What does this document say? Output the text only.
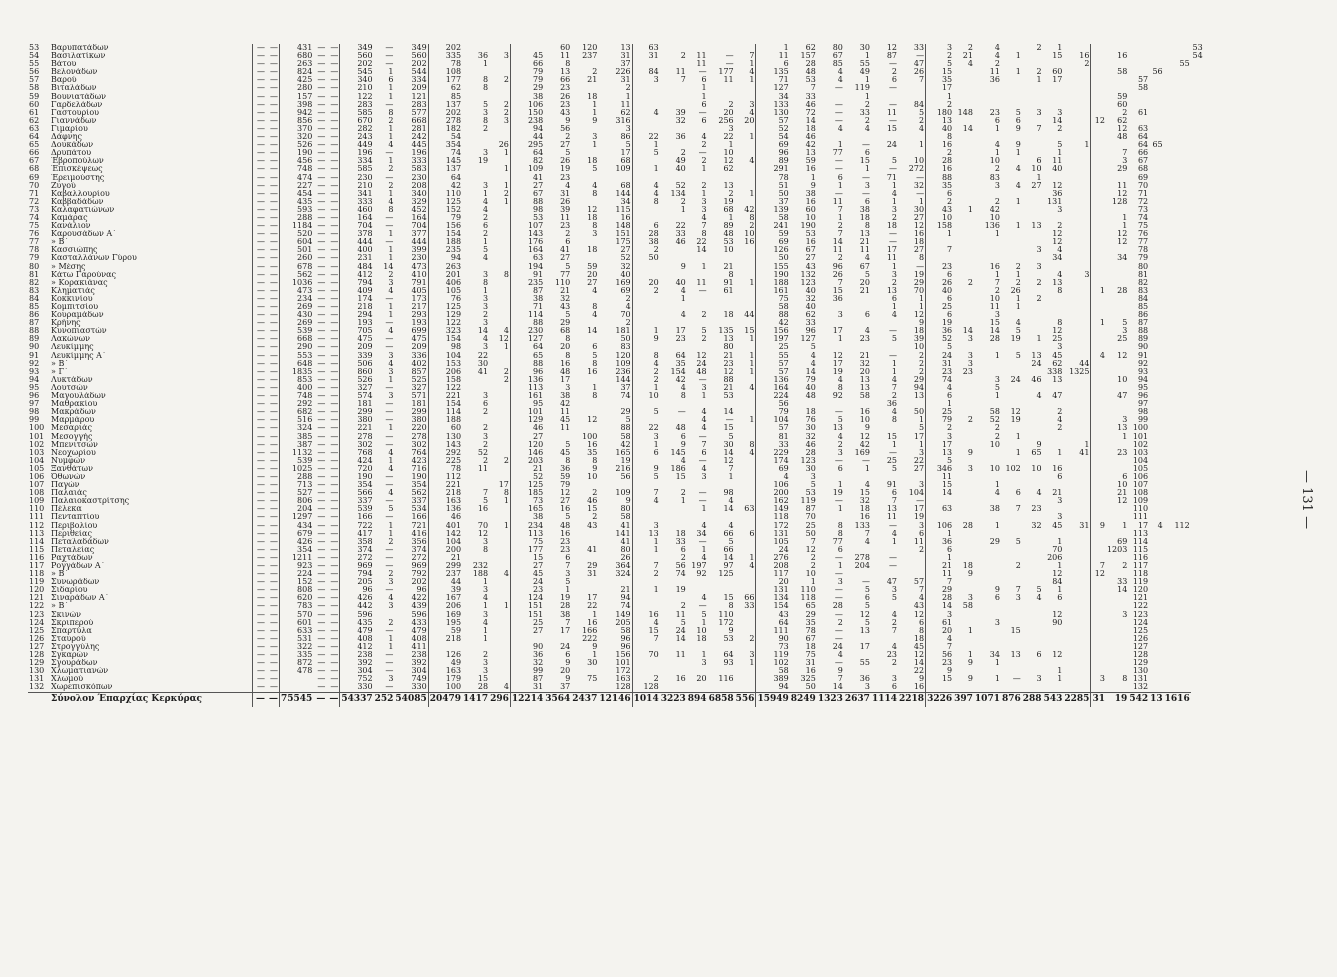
53	Βαρυπατάδων	—	—	431	—	—	349	—	349	202				60	120	13	63					1	62	80	30	12	33	3	2	4		2	1							53
54	Βασιλατίκων	—	—	680	—	—	560	—	560	335	36	3	45	11	237	31	31	2	11	—	7	11	157	67	1	87	—	2	21	4	1		15	16		16				54
55	Βάτου	—	—	263	—	—	202	—	202	78	1		66	8		37			11	—	1	6	28	85	55	—	47	5	4	2				2					55	
56	Βελονάδων	—	—	824	—	—	545	1	544	108			79	13	2	226	84	11	—	177	4	135	48	4	49	2	26	15		11	1	2	60			58		56		
57	Βαρού	—	—	425	—	—	340	6	334	177	8	2	79	66	21	31	3	7	6	11	1	71	53	4	1	6	7	35		36		1	17				57			
58	Βιταλάδων	—	—	280	—	—	210	1	209	62	8		29	23		2			1			127	7	—	119	—		17									58			
59	Βουνιατάδων	—	—	157	—	—	122	1	121	85			38	26	18	1			1			34	33		1			1								59				
60	Γαρδελάδων	—	—	398	—	—	283	—	283	137	5	2	106	23	1	11			6	2	3	133	46	—	2	—	84	2								60				
61	Γαστουρίου	—	—	942	—	—	585	8	577	202	3	2	150	43	1	62	4	39	—	20	4	130	72	—	33	11	5	180	148	23	5	3	3			2	61			
62	Γιαννάδων	—	—	856	—	—	670	2	668	278	8	3	238	9	9	316		32	6	256	20	57	14	—	2	—	2	13		6	6		14		12	62				
63	Γιμαρίου	—	—	370	—	—	282	1	281	182	2		94	56		3				3		52	18	4	4	15	4	40	14	1	9	7	2			12	63			
64	Δάφνης	—	—	320	—	—	243	1	242	54			44	2	3	86	22	36	4	22	1	54	46					8								48	64			
65	Δουκάδων	—	—	526	—	—	449	4	445	354		26	295	27	1	5	1		2	1		69	42	1	—	24	1	16		4	9		5	1			64	65		
66	Δρυπάτου	—	—	190	—	—	196	—	196	74	3	1	64	5		17	5	2	—	10		96	13	77	6			2		1	1		1			7	66			
67	Έβροπούλων	—	—	456	—	—	334	1	333	145	19		82	26	18	68		49	2	12	4	89	59	—	15	5	10	28		10		6	11			3	67			
68	Έπισκέψεως	—	—	748	—	—	585	2	583	137		1	109	19	5	109	1	40	1	62		291	16	—	1	—	272	16		2	4	10	40			29	68			
69	Έρειμούστης	—	—	474	—	—	230	—	230	64			41	23								78	1	6	—	71	—	88		83		1					69			
70	Ζυγού	—	—	227	—	—	210	2	208	42	3	1	27	4	4	68	4	52	2	13		51	9	1	3	1	32	35		3	4	27	12			11	70			
71	Καβαλλουρίου	—	—	454	—	—	341	1	340	110	1	2	67	31	8	144	4	134	1	2	1	50	38	—	—	4	—	6					36			12	71			
72	Καββαδάδων	—	—	435	—	—	333	4	329	125	4	1	88	26		34	8	2	3	19		37	16	11	6	1	1	2		2	1		131			128	72			
73	Καλαφατιώνων	—	—	593	—	—	460	8	452	152	4		98	39	12	115		1	3	68	42	139	60	7	38	3	30	43	1	42			3				73			
74	Καμάρας	—	—	288	—	—	164	—	164	79	2		53	11	18	16			4	1	8	58	10	1	18	2	27	10		10						1	74			
75	Κανάλιον	—	—	1184	—	—	704	—	704	156	6		107	23	8	148	6	22	7	89	2	241	190	2	8	18	12	158		136	1	13	2			1	75			
76	Καρουσάδων Α΄	—	—	520	—	—	378	1	377	154	2		143	2	3	151	28	33	8	48	10	59	53	7	13	—	16	1		1			12			12	76			
77	» Β΄	—	—	604	—	—	444	—	444	188	1		176	6		175	38	46	22	53	16	69	16	14	21	—	18						12			12	77			
78	Κασσιώπης	—	—	501	—	—	400	1	399	235	5		164	41	18	27	2		14	10		126	67	11	11	17	27	7				3	4				78			
79	Κασταλλάνων Γύρου	—	—	260	—	—	231	1	230	94	4		63	27		52	50					50	27	2	4	11	8						34			34	79			
80	» Μέσης	—	—	678	—	—	484	14	473	263			194	5	59	32		9	1	21		155	43	96	67	1	—	23		16	2	3					80			
81	Κάτω Γαρούνας	—	—	562	—	—	412	2	410	201	3	8	91	77	20	40				8		190	132	26	5	3	19	6		1	1		4	3			81			
82	» Κορακιάνας	—	—	1036	—	—	794	3	791	406	8		235	110	27	169	20	40	11	91	1	188	123	7	20	2	29	26	2	7	2	2	13				82			
83	Κληματιάς	—	—	473	—	—	409	4	405	105	1		87	21	4	69	2	4	—	61		161	40	15	21	13	70	40		2	26		8		1	28	83			
84	Κοκκινίου	—	—	234	—	—	174	—	173	76	3		38	32		2		1				75	32	36		6	1	6		10	1	2					84			
85	Κομπιτσίου	—	—	269	—	—	218	1	217	125	3		71	43	8	4						58	40			1	1	25		11	1						85			
86	Κουραμάδων	—	—	430	—	—	294	1	293	129	2		114	5	4	70		4	2	18	44	88	62	3	6	4	12	6		3							86			
87	Κρήνης	—	—	269	—	—	193	—	193	122	3		88	29		2						42	33				9	19		15	4		8		1	5	87			
88	Κυνοπιαστών	—	—	539	—	—	705	4	699	323	14	4	230	68	14	181	1	17	5	135	15	156	96	17	4	—	18	36	14	14	5		12			3	88			
89	Λακώνων	—	—	668	—	—	475	—	475	154	4	12	127	8		50	9	23	2	13	1	197	127	1	23	5	39	52	3	28	19	1	25			25	89			
90	Λευκίμμης	—	—	290	—	—	209	—	209	98	3	1	64	20	6	83				80		25	5				10	5					3				90			
91	Λευκίμμης Α΄	—	—	553	—	—	339	3	336	104	22		65	8	5	120	8	64	12	21	1	55	4	12	21	—	2	24	3	1	5	13	45		4	12	91			
92	» Β΄	—	—	648	—	—	506	4	402	153	30		88	16	8	109	4	35	24	23	1	57	4	17	32	1	2	31	3			24	62	44			92			
93	» Γ΄	—	—	1835	—	—	860	3	857	206	41	2	96	48	16	236	2	154	48	12	1	57	14	19	20	1	2	23	23				338	1325			93			
94	Λυκτάδων	—	—	853	—	—	526	1	525	158		2	136	17		144	2	42	—	88		136	79	4	13	4	29	74		3	24	46	13			10	94			
95	Λουτσών	—	—	400	—	—	327	—	327	122			113	3	1	37	1	4	3	21	4	164	40	8	13	7	94	4		5							95			
96	Μαγουλάδων	—	—	748	—	—	574	3	571	221	3		161	38	8	74	10	8	1	53		224	48	92	58	2	13	6		1		4	47			47	96			
97	Μαθρακίου	—	—	292	—	—	181	—	181	154	6		95	42								56				36		1									97			
98	Μακράδων	—	—	682	—	—	299	—	299	114	2		101	11		29	5	—	4	14		79	18	—	16	4	50	25		58	12		2				98			
99	Μαρμάρου	—	—	516	—	—	380	—	380	188			129	45	12	5			4	—	1	104	76	5	10	8	1	79	2	52	19		4			3	99			
100	Μεσαριάς	—	—	324	—	—	221	1	220	60	2		46	11		88	22	48	4	15		57	30	13	9		5	2		2			2			13	100			
101	Μεσογγής	—	—	385	—	—	278	—	278	130	3		27		100	58	3	6	—	5		81	32	4	12	15	17	3		2	1					1	101			
102	Μπενιτσών	—	—	387	—	—	302	—	302	143	2		120	5	16	42	1	9	7	30	8	33	46	2	42	1	1	17		10		9		1			102			
103	Νεοχωρίου	—	—	1132	—	—	768	4	764	292	52		146	45	35	165	6	145	6	14	4	229	28	3	169	—	3	13	9		1	65	1	41		23	103			
104	Νυμφών	—	—	539	—	—	424	1	423	225	2	2	203	8	8	19		4	—	12		174	123	—	—	25	22	5									104			
105	Ξανθάτων	—	—	1025	—	—	720	4	716	78	11		21	36	9	216	9	186	4	7		69	30	6	1	5	27	346	3	10	102	10	16				105			
106	Όθωνών	—	—	288	—	—	190	—	190	112			52	59	10	56	5	15	3	1		4	3					11					6			6	106			
107	Παγών	—	—	713	—	—	354	—	354	221		17	125	79								106	5	1	4	91	3	15		1						10	107			
108	Παλαιάς	—	—	527	—	—	566	4	562	218	7	8	185	12	2	109	7	2	—	98		200	53	19	15	6	104	14		4	6	4	21			21	108			
109	Παλαιοκαστρίτσης	—	—	806	—	—	337	—	337	163	5	1	73	27	46	9	4	1	—	4		162	119	—	32	7	—						3			12	109			
110	Πέλεκα	—	—	204	—	—	539	5	534	136	16		165	16	15	80			1	14	63	149	87	1	18	13	17	63		38	7	23					110			
111	Πενταπτίου	—	—	1297	—	—	166	—	166	46			38	5	2	58						118	70		16	11	19						3				111			
112	Περιβολίου	—	—	434	—	—	722	1	721	401	70	1	234	48	43	41	3		4	4		172	25	8	133	—	3	106	28	1		32	45	31	9	1	17	4	112	
113	Περιθείας	—	—	679	—	—	417	1	416	142	12		113	16		141	13	18	34	66	6	131	50	8	7	4	6	1									113			
114	Πεταλαδάδων	—	—	426	—	—	358	2	356	104	3		75	23		41	1	33	—	5		105	7	77	4	1	11	36		29	5		1			69	114			
115	Πεταλείας	—	—	354	—	—	374	—	374	200	8		177	23	41	80	1	6	1	66		24	12	6			2	6					70			1203	115			
116	Ραχτάδων	—	—	1211	—	—	272	—	272	21			15	6		26		2	4	14	1	276	2	—	278	—		1					206				116			
117	Ρογγάδων Α΄	—	—	923	—	—	969	—	969	299	232		27	7	29	364	7	56	197	97	4	208	2	1	204	—		21	18		2		1		7	2	117			
118	» Β΄	—	—	224	—	—	794	2	792	237	188	4	45	3	31	324	2	74	92	125		117	10	—				11	9				12		12		118			
119	Συνωράδων	—	—	152	—	—	205	3	202	44	1		24	5								20	1	3	—	47	57	7					84			33	119			
120	Σιδαρίου	—	—	808	—	—	96	—	96	39	3		23	1		21	1	19				131	110	—	5	3	7	29		9	7	5	1			14	120			
121	Σιναράδων Α΄	—	—	620	—	—	426	4	422	167	4		124	19	17	94			4	15	66	134	118	—	6	5	4	28	3	6	3	4	6				121			
122	» Β΄	—	—	783	—	—	442	3	439	206	1	1	151	28	22	74		2	—	8	33	154	65	28	5		43	14	58								122			
123	Σκινών	—	—	570	—	—	596		596	169	3		151	38	1	149	16	11	5	110		43	29	—	12	4	12	3					12			3	123			
124	Σκριπερού	—	—	601	—	—	435	2	433	195	4		25	7	16	205	4	5	1	172		64	35	2	5	2	6	61		3			90				124			
125	Σπαρτύλα	—	—	633	—	—	479	—	479	59	1		27	17	166	58	15	24	10	9		111	78	—	13	7	8	20	1		15						125			
126	Σταυρού	—	—	531	—	—	408	1	408	218	1				222	96	7	14	18	53	2	90	67	—			18	4									126			
127	Στρογγύλης	—	—	322	—	—	412	1	411				90	24	9	96						73	18	24	17	4	45	7									127			
128	Σγκαρών	—	—	335	—	—	238	—	238	126	2		36	6	1	156	70	11	1	64	3	119	75	4		23	12	56	1	34	13	6	12				128			
129	Σγουράδων	—	—	872	—	—	392	—	392	49	3		32	9	30	101			3	93	1	102	31	—	55	2	14	23	9	1							129			
130	Χλωματιανών	—	—	478	—	—	304	—	304	163	3		99	20		172						58	16	9			22	9					1				130			
131	Χλωμού	—	—		—	—	752	3	749	179	15		87	9	75	163	2	16	20	116		389	325	7	36	3	9	15	9	1	—	3	1		3	8	131			
132	Χωρεπισκόπων	—	—		—	—	330	—	330	100	28	4	31	37		128	128					94	50	14	3	6	16										132			
	Σύνολον Έπαρχίας Κερκύρας	—	—	75545	—	—	54337	252	54085	20479	1417	296	12214	3564	2437	12146	1014	3223	894	6858	556	15949	8249	1323	2637	1114	2218	3226	397	1071	876	288	543	2285	31	19	542	13	1616	
— 131 —
